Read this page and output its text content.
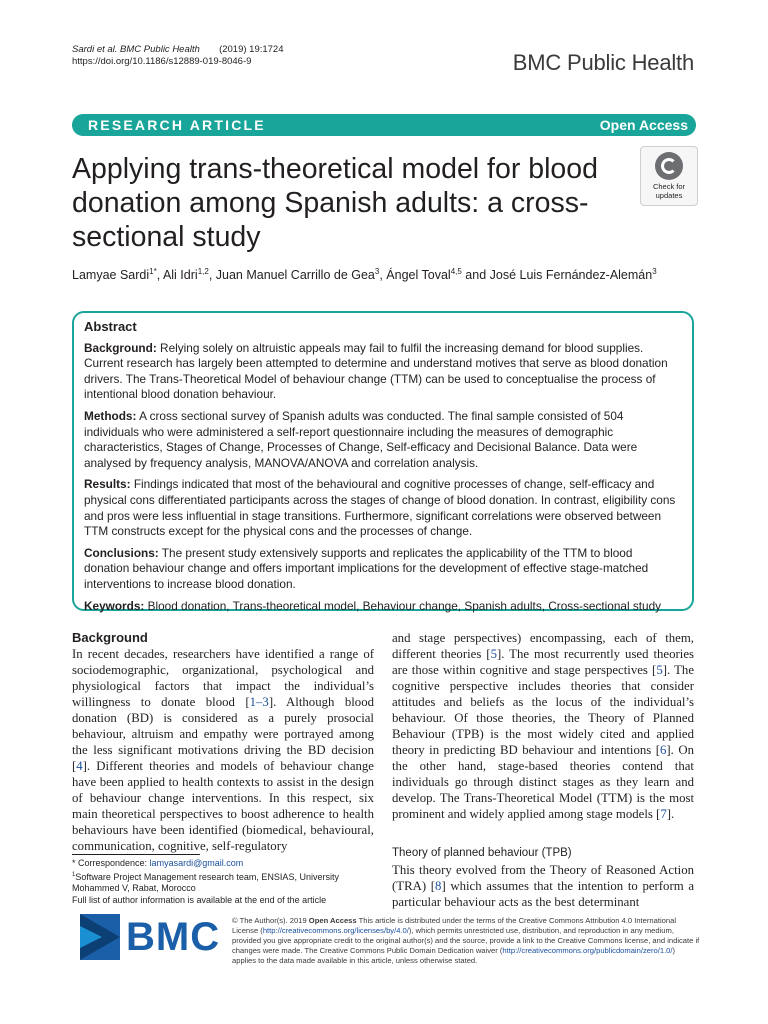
Sardi et al. BMC Public Health (2019) 19:1724
https://doi.org/10.1186/s12889-019-8046-9	BMC Public Health
RESEARCH ARTICLE	Open Access
Applying trans-theoretical model for blood donation among Spanish adults: a cross-sectional study
Check for
updates
Lamyae Sardi$^{1*}$, Ali Idri$^{1,2}$, Juan Manuel Carrillo de Gea$^3$, Ángel Toval$^{4,5}$ and José Luis Fernández-Alemán$^3$
Abstract

Background: Relying solely on altruistic appeals may fail to fulfil the increasing demand for blood supplies. Current research has largely been attempted to determine and understand motives that serve as blood donation drivers. The Trans-Theoretical Model of behaviour change (TTM) can be used to conceptualise the process of intentional blood donation behaviour.

Methods: A cross sectional survey of Spanish adults was conducted. The final sample consisted of 504 individuals who were administered a self-report questionnaire including the measures of demographic characteristics, Stages of Change, Processes of Change, Self-efficacy and Decisional Balance. Data were analysed by frequency analysis, MANOVA/ANOVA and correlation analysis.

Results: Findings indicated that most of the behavioural and cognitive processes of change, self-efficacy and physical cons differentiated participants across the stages of change of blood donation. In contrast, eligibility cons and pros were less influential in stage transitions. Furthermore, significant correlations were observed between TTM constructs except for the physical cons and the processes of change.

Conclusions: The present study extensively supports and replicates the applicability of the TTM to blood donation behaviour change and offers important implications for the development of effective stage-matched interventions to increase blood donation.

Keywords: Blood donation, Trans-theoretical model, Behaviour change, Spanish adults, Cross-sectional study

Background

In recent decades, researchers have identified a range of sociodemographic, organizational, psychological and physiological factors that impact the individual’s willingness to donate blood [1–3]. Although blood donation (BD) is considered as a purely prosocial behaviour, altruism and empathy were portrayed among the less significant motivations driving the BD decision [4]. Different theories and models of behaviour change have been applied to health contexts to assist in the design of behaviour change interventions. In this respect, six main theoretical perspectives to boost adherence to health behaviours have been identified (biomedical, behavioural, communication, cognitive, self-regulatory

and stage perspectives) encompassing, each of them, different theories [5]. The most recurrently used theories are those within cognitive and stage perspectives [5]. The cognitive perspective includes theories that consider attitudes and beliefs as the locus of the individual’s behaviour. Of those theories, the Theory of Planned Behaviour (TPB) is the most widely cited and applied theory in predicting BD behaviour and intentions [6]. On the other hand, stage-based theories contend that individuals go through distinct stages as they learn and develop. The Trans-Theoretical Model (TTM) is the most prominent and widely applied among stage models [7].

Theory of planned behaviour (TPB)

This theory evolved from the Theory of Reasoned Action (TRA) [8] which assumes that the intention to perform a particular behaviour acts as the best determinant

* Correspondence: lamyasardi@gmail.com
$^1$Software Project Management research team, ENSIAS, University Mohammed V, Rabat, Morocco
Full list of author information is available at the end of the article
BMC © The Author(s). 2019 Open Access This article is distributed under the terms of the Creative Commons Attribution 4.0 International License (http://creativecommons.org/licenses/by/4.0/), which permits unrestricted use, distribution, and reproduction in any medium, provided you give appropriate credit to the original author(s) and the source, provide a link to the Creative Commons license, and indicate if changes were made. The Creative Commons Public Domain Dedication waiver (http://creativecommons.org/publicdomain/zero/1.0/) applies to the data made available in this article, unless otherwise stated.
